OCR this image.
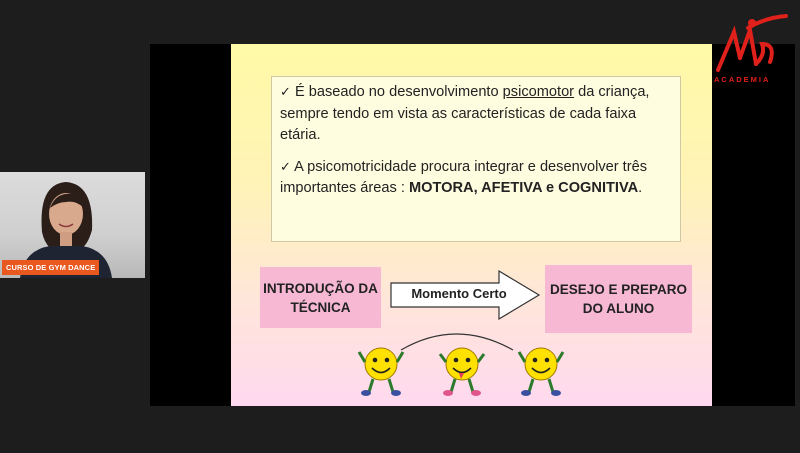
✓ É baseado no desenvolvimento psicomotor da criança, sempre tendo em vista as características de cada faixa etária.

✓ A psicomotricidade procura integrar e desenvolver três importantes áreas : MOTORA, AFETIVA e COGNITIVA.

INTRODUÇÃO DA TÉCNICA
Momento Certo	DESEJO E PREPARO DO ALUNO
CURSO DE GYM DANCE
ACADEMIA
